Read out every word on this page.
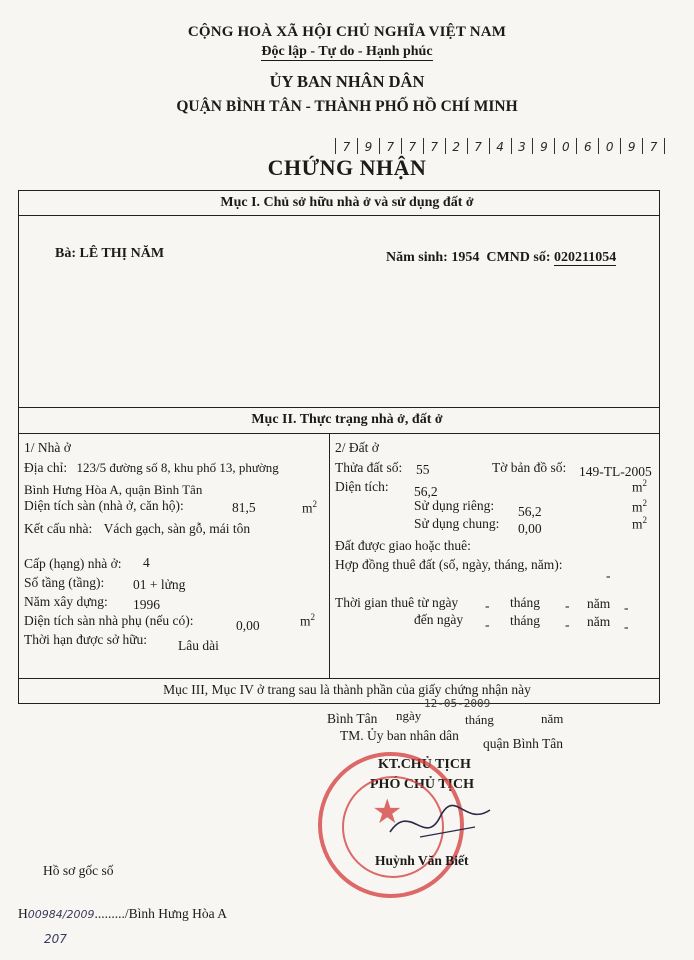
CỘNG HOÀ XÃ HỘI CHỦ NGHĨA VIỆT NAM
Độc lập - Tự do - Hạnh phúc
ỦY BAN NHÂN DÂN
QUẬN BÌNH TÂN - THÀNH PHỐ HỒ CHÍ MINH
7	9	7	7	7	2	7	4	3	9	0	6	0	9	7
CHỨNG NHẬN
Mục I. Chủ sở hữu nhà ở và sử dụng đất ở
Bà: LÊ THỊ NĂM	Năm sinh: 1954 CMND số: 020211054
Mục II. Thực trạng nhà ở, đất ở
1/ Nhà ở
Địa chỉ: 123/5 đường số 8, khu phố 13, phường
Bình Hưng Hòa A, quận Bình Tân
Diện tích sàn (nhà ở, căn hộ):	81,5	$m^2$
Kết cấu nhà: Vách gạch, sàn gỗ, mái tôn
Cấp (hạng) nhà ở: 4
Số tầng (tầng): 01 + lửng
Năm xây dựng: 1996
Diện tích sàn nhà phụ (nếu có):	0,00	$m^2$
Thời hạn được sở hữu: Lâu dài
2/ Đất ở
Thửa đất số: 55	Tờ bản đồ số: 149-TL-2005
Diện tích: 56,2	$m^2$
Sử dụng riêng: 56,2	$m^2$
Sử dụng chung: 0,00	$m^2$
Đất được giao hoặc thuê:
Hợp đồng thuê đất (số, ngày, tháng, năm):
-
Thời gian thuê từ ngày - tháng - năm -
đến ngày - tháng - năm -
Mục III, Mục IV ở trang sau là thành phần của giấy chứng nhận này
12-05-2009
Bình Tân ngày	tháng	năm
TM. Ủy ban nhân dân
quận Bình Tân
KT.CHỦ TỊCH
PHÓ CHỦ TỊCH
★
Huỳnh Văn Biết
Hồ sơ gốc số
H00984/2009........./Bình Hưng Hòa A
207
